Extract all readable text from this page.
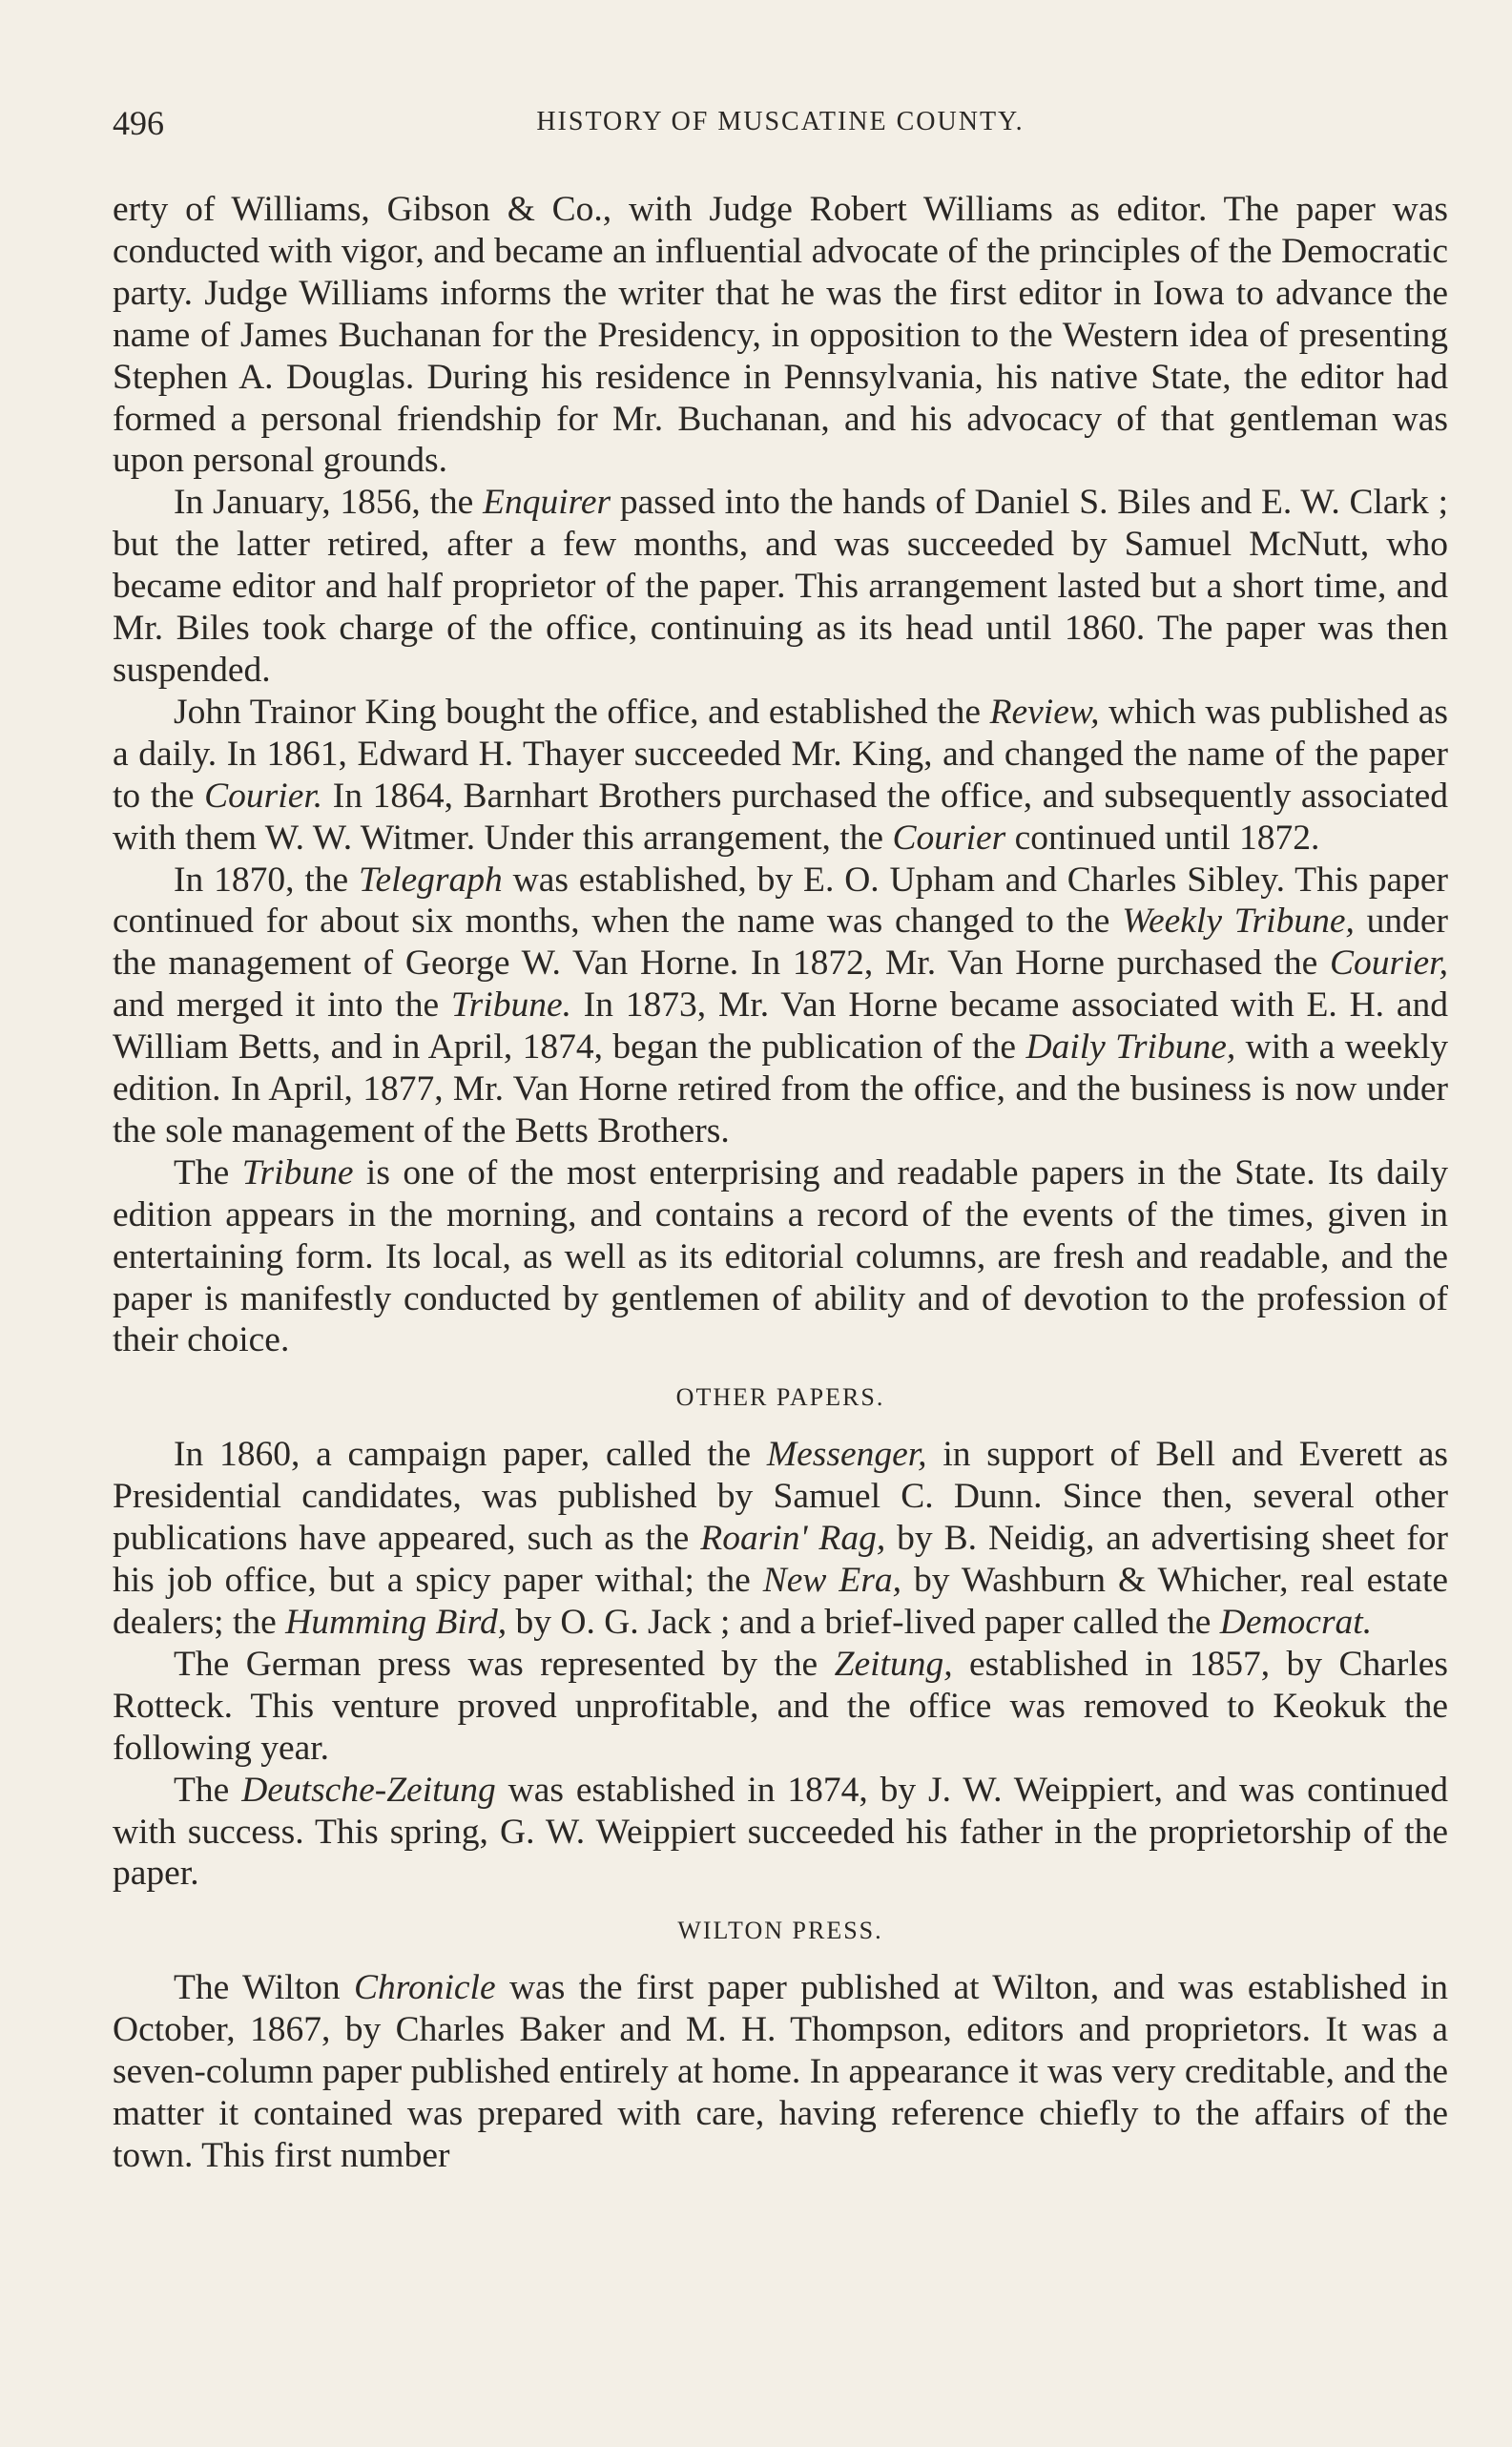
496	HISTORY OF MUSCATINE COUNTY.

erty of Williams, Gibson & Co., with Judge Robert Williams as editor. The paper was conducted with vigor, and became an influential advocate of the principles of the Democratic party. Judge Williams informs the writer that he was the first editor in Iowa to advance the name of James Buchanan for the Presidency, in opposition to the Western idea of presenting Stephen A. Douglas. During his residence in Pennsylvania, his native State, the editor had formed a personal friendship for Mr. Buchanan, and his advocacy of that gentleman was upon personal grounds.

In January, 1856, the Enquirer passed into the hands of Daniel S. Biles and E. W. Clark ; but the latter retired, after a few months, and was succeeded by Samuel McNutt, who became editor and half proprietor of the paper. This arrangement lasted but a short time, and Mr. Biles took charge of the office, continuing as its head until 1860. The paper was then suspended.

John Trainor King bought the office, and established the Review, which was published as a daily. In 1861, Edward H. Thayer succeeded Mr. King, and changed the name of the paper to the Courier. In 1864, Barnhart Brothers purchased the office, and subsequently associated with them W. W. Witmer. Under this arrangement, the Courier continued until 1872.

In 1870, the Telegraph was established, by E. O. Upham and Charles Sibley. This paper continued for about six months, when the name was changed to the Weekly Tribune, under the management of George W. Van Horne. In 1872, Mr. Van Horne purchased the Courier, and merged it into the Tribune. In 1873, Mr. Van Horne became associated with E. H. and William Betts, and in April, 1874, began the publication of the Daily Tribune, with a weekly edition. In April, 1877, Mr. Van Horne retired from the office, and the business is now under the sole management of the Betts Brothers.

The Tribune is one of the most enterprising and readable papers in the State. Its daily edition appears in the morning, and contains a record of the events of the times, given in entertaining form. Its local, as well as its editorial columns, are fresh and readable, and the paper is manifestly conducted by gentlemen of ability and of devotion to the profession of their choice.

OTHER PAPERS.

In 1860, a campaign paper, called the Messenger, in support of Bell and Everett as Presidential candidates, was published by Samuel C. Dunn. Since then, several other publications have appeared, such as the Roarin' Rag, by B. Neidig, an advertising sheet for his job office, but a spicy paper withal; the New Era, by Washburn & Whicher, real estate dealers; the Humming Bird, by O. G. Jack ; and a brief-lived paper called the Democrat.

The German press was represented by the Zeitung, established in 1857, by Charles Rotteck. This venture proved unprofitable, and the office was removed to Keokuk the following year.

The Deutsche-Zeitung was established in 1874, by J. W. Weippiert, and was continued with success. This spring, G. W. Weippiert succeeded his father in the proprietorship of the paper.

WILTON PRESS.

The Wilton Chronicle was the first paper published at Wilton, and was established in October, 1867, by Charles Baker and M. H. Thompson, editors and proprietors. It was a seven-column paper published entirely at home. In appearance it was very creditable, and the matter it contained was prepared with care, having reference chiefly to the affairs of the town. This first number
